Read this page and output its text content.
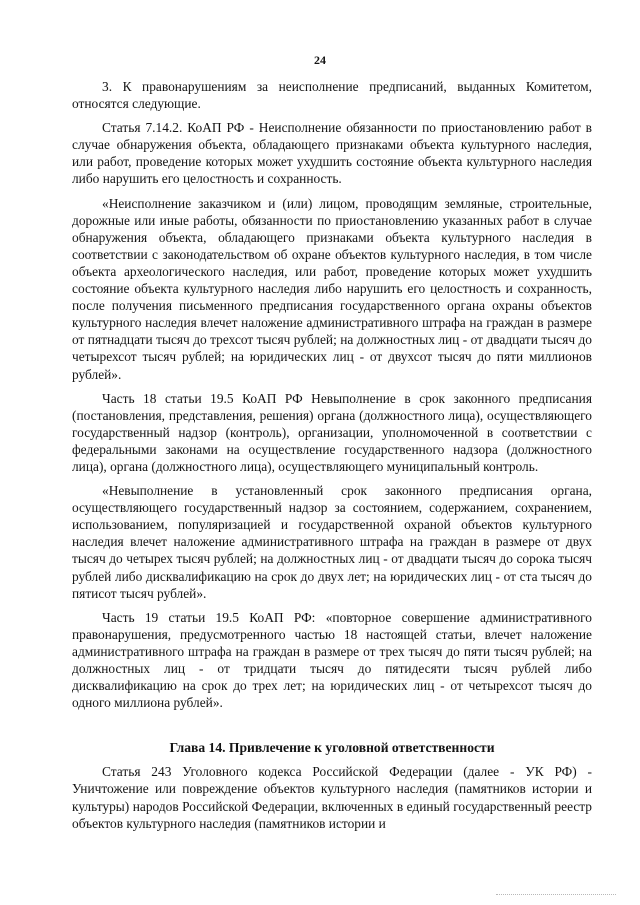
24

3. К правонарушениям за неисполнение предписаний, выданных Комитетом, относятся следующие.

Статья 7.14.2. КоАП РФ - Неисполнение обязанности по приостановлению работ в случае обнаружения объекта, обладающего признаками объекта культурного наследия, или работ, проведение которых может ухудшить состояние объекта культурного наследия либо нарушить его целостность и сохранность.

«Неисполнение заказчиком и (или) лицом, проводящим земляные, строительные, дорожные или иные работы, обязанности по приостановлению указанных работ в случае обнаружения объекта, обладающего признаками объекта культурного наследия в соответствии с законодательством об охране объектов культурного наследия, в том числе объекта археологического наследия, или работ, проведение которых может ухудшить состояние объекта культурного наследия либо нарушить его целостность и сохранность, после получения письменного предписания государственного органа охраны объектов культурного наследия влечет наложение административного штрафа на граждан в размере от пятнадцати тысяч до трехсот тысяч рублей; на должностных лиц - от двадцати тысяч до четырехсот тысяч рублей; на юридических лиц - от двухсот тысяч до пяти миллионов рублей».

Часть 18 статьи 19.5 КоАП РФ Невыполнение в срок законного предписания (постановления, представления, решения) органа (должностного лица), осуществляющего государственный надзор (контроль), организации, уполномоченной в соответствии с федеральными законами на осуществление государственного надзора (должностного лица), органа (должностного лица), осуществляющего муниципальный контроль.

«Невыполнение в установленный срок законного предписания органа, осуществляющего государственный надзор за состоянием, содержанием, сохранением, использованием, популяризацией и государственной охраной объектов культурного наследия влечет наложение административного штрафа на граждан в размере от двух тысяч до четырех тысяч рублей; на должностных лиц - от двадцати тысяч до сорока тысяч рублей либо дисквалификацию на срок до двух лет; на юридических лиц - от ста тысяч до пятисот тысяч рублей».

Часть 19 статьи 19.5 КоАП РФ: «повторное совершение административного правонарушения, предусмотренного частью 18 настоящей статьи, влечет наложение административного штрафа на граждан в размере от трех тысяч до пяти тысяч рублей; на должностных лиц - от тридцати тысяч до пятидесяти тысяч рублей либо дисквалификацию на срок до трех лет; на юридических лиц - от четырехсот тысяч до одного миллиона рублей».

Глава 14. Привлечение к уголовной ответственности

Статья 243 Уголовного кодекса Российской Федерации (далее - УК РФ) - Уничтожение или повреждение объектов культурного наследия (памятников истории и культуры) народов Российской Федерации, включенных в единый государственный реестр объектов культурного наследия (памятников истории и
